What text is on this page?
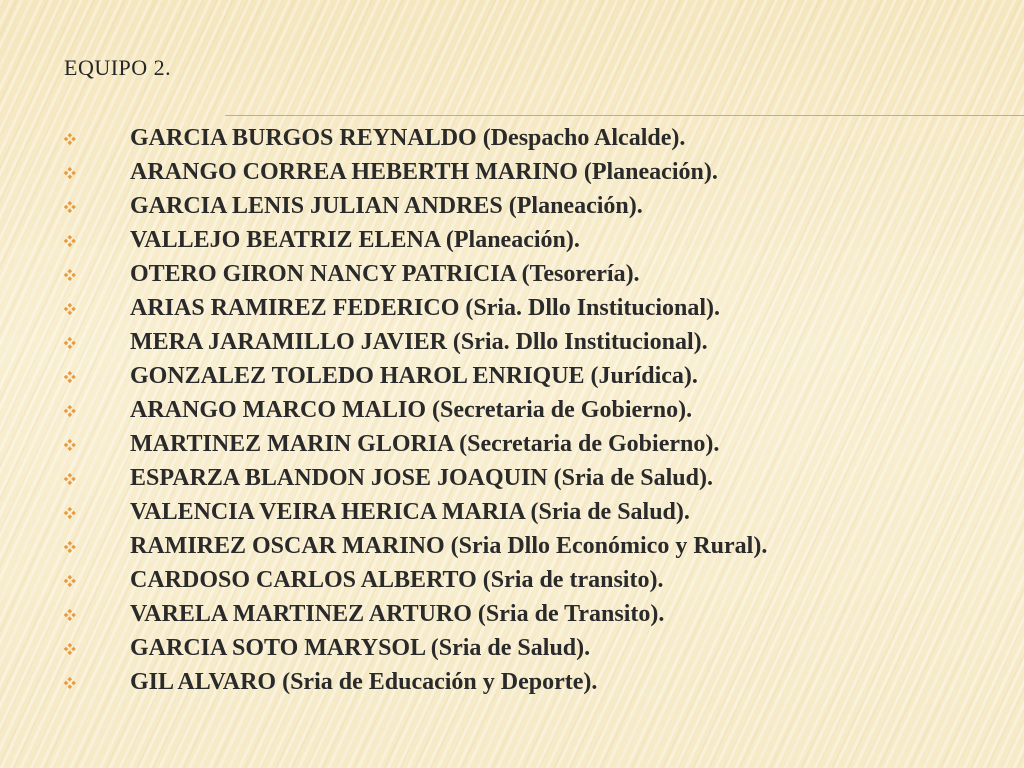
EQUIPO 2.
GARCIA BURGOS REYNALDO (Despacho Alcalde).
ARANGO CORREA HEBERTH MARINO (Planeación).
GARCIA LENIS JULIAN ANDRES (Planeación).
VALLEJO BEATRIZ ELENA (Planeación).
OTERO GIRON NANCY PATRICIA (Tesorería).
ARIAS RAMIREZ FEDERICO (Sria. Dllo Institucional).
MERA JARAMILLO JAVIER (Sria. Dllo Institucional).
GONZALEZ TOLEDO HAROL ENRIQUE (Jurídica).
ARANGO MARCO MALIO (Secretaria de Gobierno).
MARTINEZ MARIN GLORIA (Secretaria de Gobierno).
ESPARZA BLANDON JOSE JOAQUIN (Sria de Salud).
VALENCIA VEIRA HERICA MARIA (Sria de Salud).
RAMIREZ OSCAR MARINO (Sria Dllo Económico y Rural).
CARDOSO CARLOS ALBERTO (Sria de transito).
VARELA MARTINEZ ARTURO (Sria de Transito).
GARCIA SOTO MARYSOL (Sria de Salud).
GIL ALVARO (Sria de Educación y Deporte).
